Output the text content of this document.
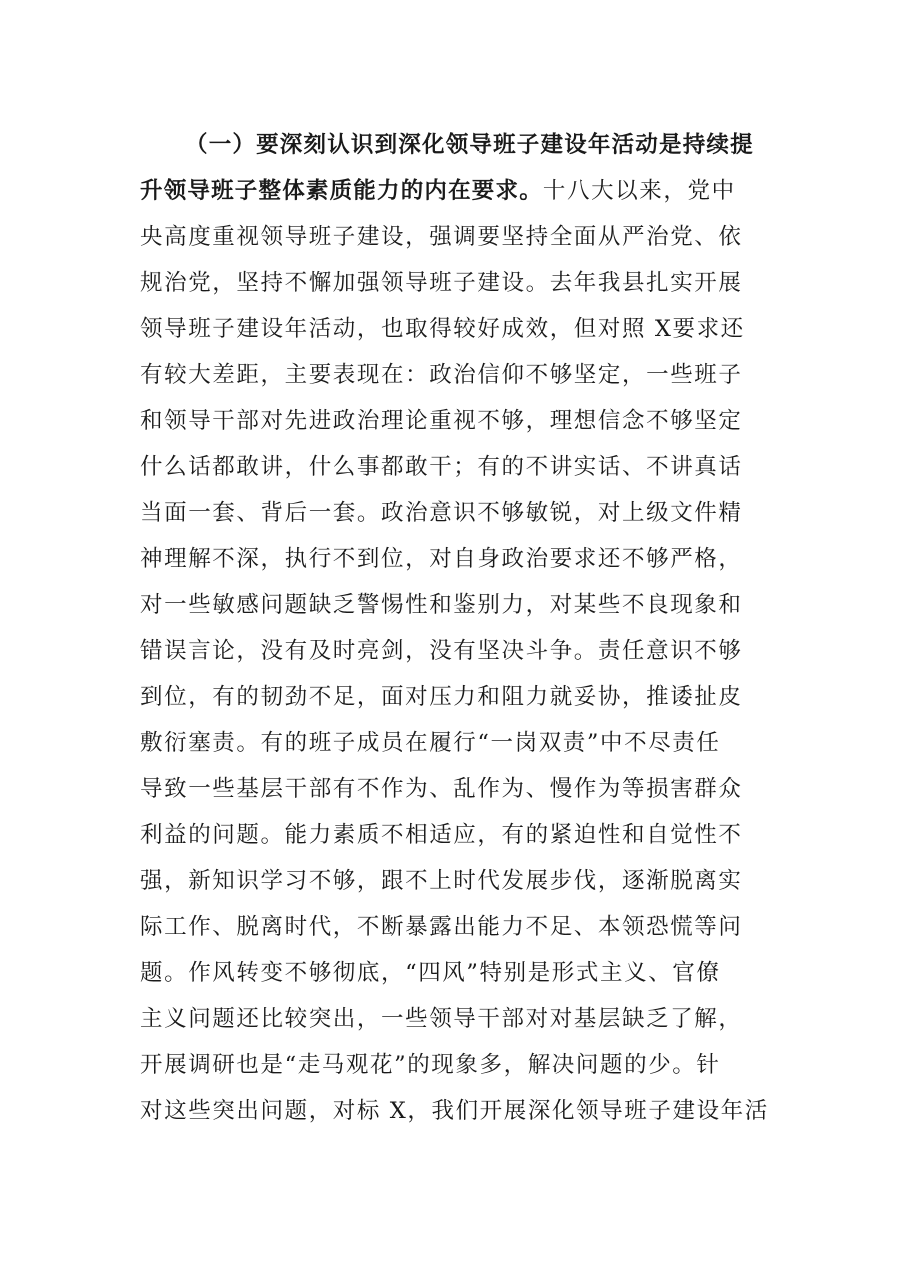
（一）要深刻认识到深化领导班子建设年活动是持续提
升领导班子整体素质能力的内在要求。十八大以来，党中
央高度重视领导班子建设，强调要坚持全面从严治党、依
规治党，坚持不懈加强领导班子建设。去年我县扎实开展
领导班子建设年活动，也取得较好成效，但对照 X要求还
有较大差距，主要表现在：政治信仰不够坚定，一些班子
和领导干部对先进政治理论重视不够，理想信念不够坚定
什么话都敢讲，什么事都敢干；有的不讲实话、不讲真话
当面一套、背后一套。政治意识不够敏锐，对上级文件精
神理解不深，执行不到位，对自身政治要求还不够严格，
对一些敏感问题缺乏警惕性和鉴别力，对某些不良现象和
错误言论，没有及时亮剑，没有坚决斗争。责任意识不够
到位，有的韧劲不足，面对压力和阻力就妥协，推诿扯皮
敷衍塞责。有的班子成员在履行“一岗双责”中不尽责任
导致一些基层干部有不作为、乱作为、慢作为等损害群众
利益的问题。能力素质不相适应，有的紧迫性和自觉性不
强，新知识学习不够，跟不上时代发展步伐，逐渐脱离实
际工作、脱离时代，不断暴露出能力不足、本领恐慌等问
题。作风转变不够彻底，“四风”特别是形式主义、官僚
主义问题还比较突出，一些领导干部对对基层缺乏了解，
开展调研也是“走马观花”的现象多，解决问题的少。针
对这些突出问题，对标 X，我们开展深化领导班子建设年活
